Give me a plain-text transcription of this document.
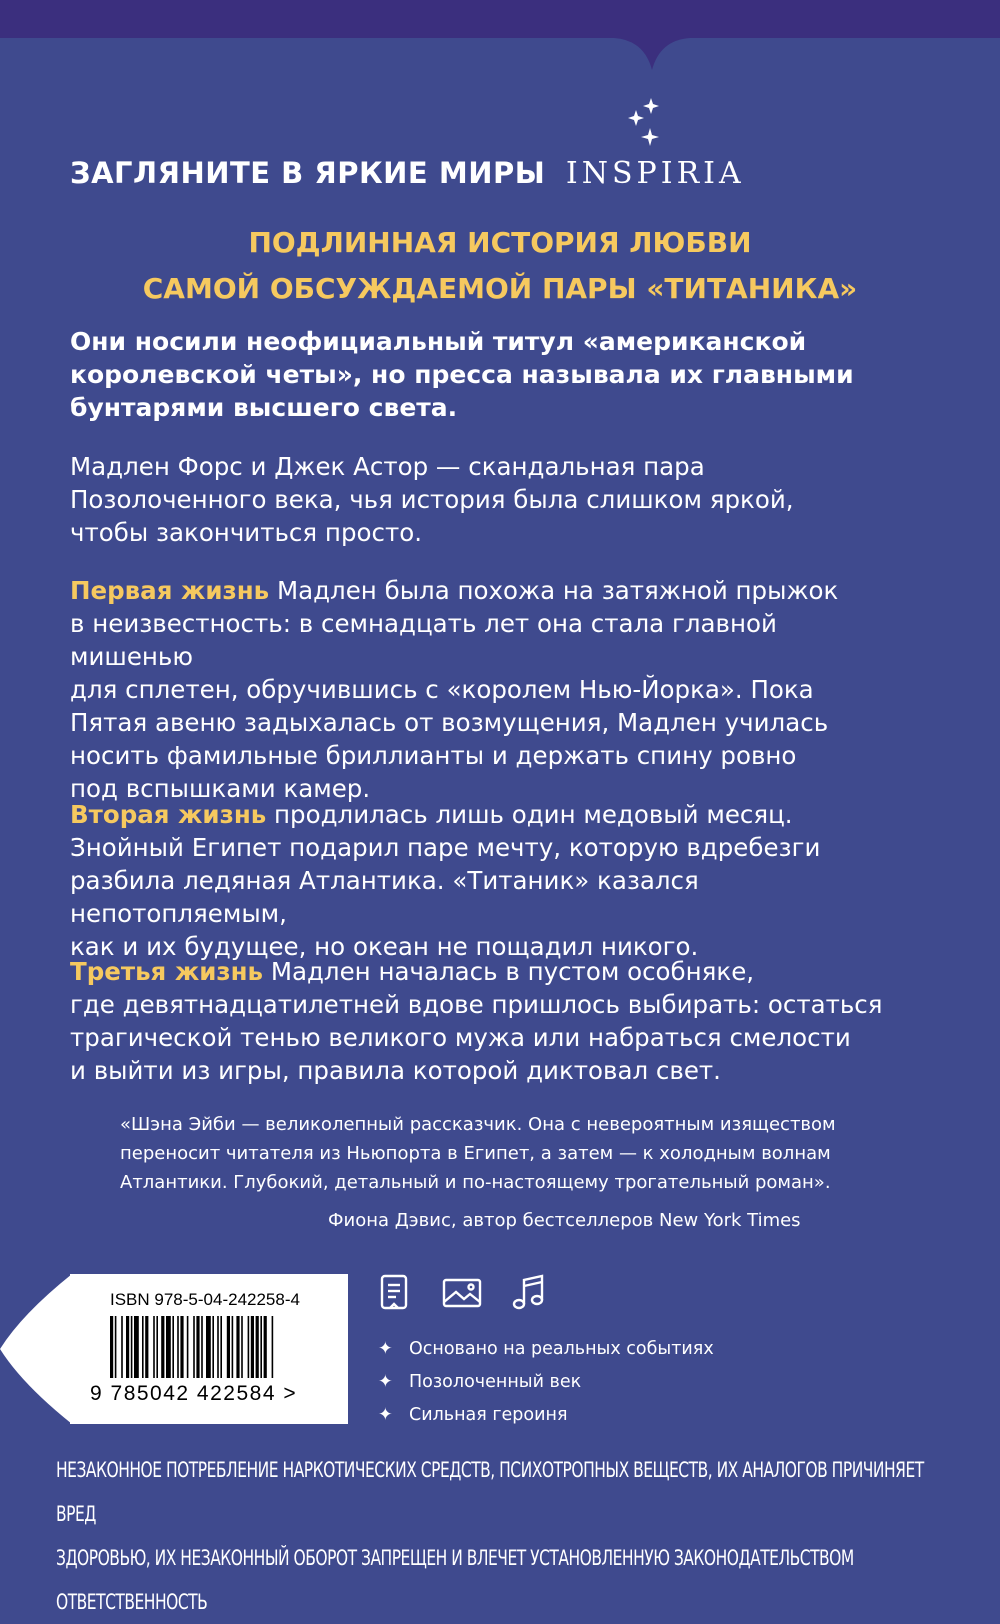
ЗАГЛЯНИТЕ В ЯРКИЕ МИРЫ INSPIRIA
ПОДЛИННАЯ ИСТОРИЯ ЛЮБВИ
САМОЙ ОБСУЖДАЕМОЙ ПАРЫ «ТИТАНИКА»
Они носили неофициальный титул «американской
королевской четы», но пресса называла их главными
бунтарями высшего света.
Мадлен Форс и Джек Астор — скандальная пара
Позолоченного века, чья история была слишком яркой,
чтобы закончиться просто.
Первая жизнь Мадлен была похожа на затяжной прыжок
в неизвестность: в семнадцать лет она стала главной мишенью
для сплетен, обручившись с «королем Нью-Йорка». Пока
Пятая авеню задыхалась от возмущения, Мадлен училась
носить фамильные бриллианты и держать спину ровно
под вспышками камер.
Вторая жизнь продлилась лишь один медовый месяц.
Знойный Египет подарил паре мечту, которую вдребезги
разбила ледяная Атлантика. «Титаник» казался непотопляемым,
как и их будущее, но океан не пощадил никого.
Третья жизнь Мадлен началась в пустом особняке,
где девятнадцатилетней вдове пришлось выбирать: остаться
трагической тенью великого мужа или набраться смелости
и выйти из игры, правила которой диктовал свет.
«Шэна Эйби — великолепный рассказчик. Она с невероятным изяществом
переносит читателя из Ньюпорта в Египет, а затем — к холодным волнам
Атлантики. Глубокий, детальный и по-настоящему трогательный роман».
Фиона Дэвис, автор бестселлеров New York Times
ISBN 978-5-04-242258-4
9 785042 422584 >
✦ Основано на реальных событиях
✦ Позолоченный век
✦ Сильная героиня
НЕЗАКОННОЕ ПОТРЕБЛЕНИЕ НАРКОТИЧЕСКИХ СРЕДСТВ, ПСИХОТРОПНЫХ ВЕЩЕСТВ, ИХ АНАЛОГОВ ПРИЧИНЯЕТ ВРЕД
ЗДОРОВЬЮ, ИХ НЕЗАКОННЫЙ ОБОРОТ ЗАПРЕЩЕН И ВЛЕЧЕТ УСТАНОВЛЕННУЮ ЗАКОНОДАТЕЛЬСТВОМ ОТВЕТСТВЕННОСТЬ
